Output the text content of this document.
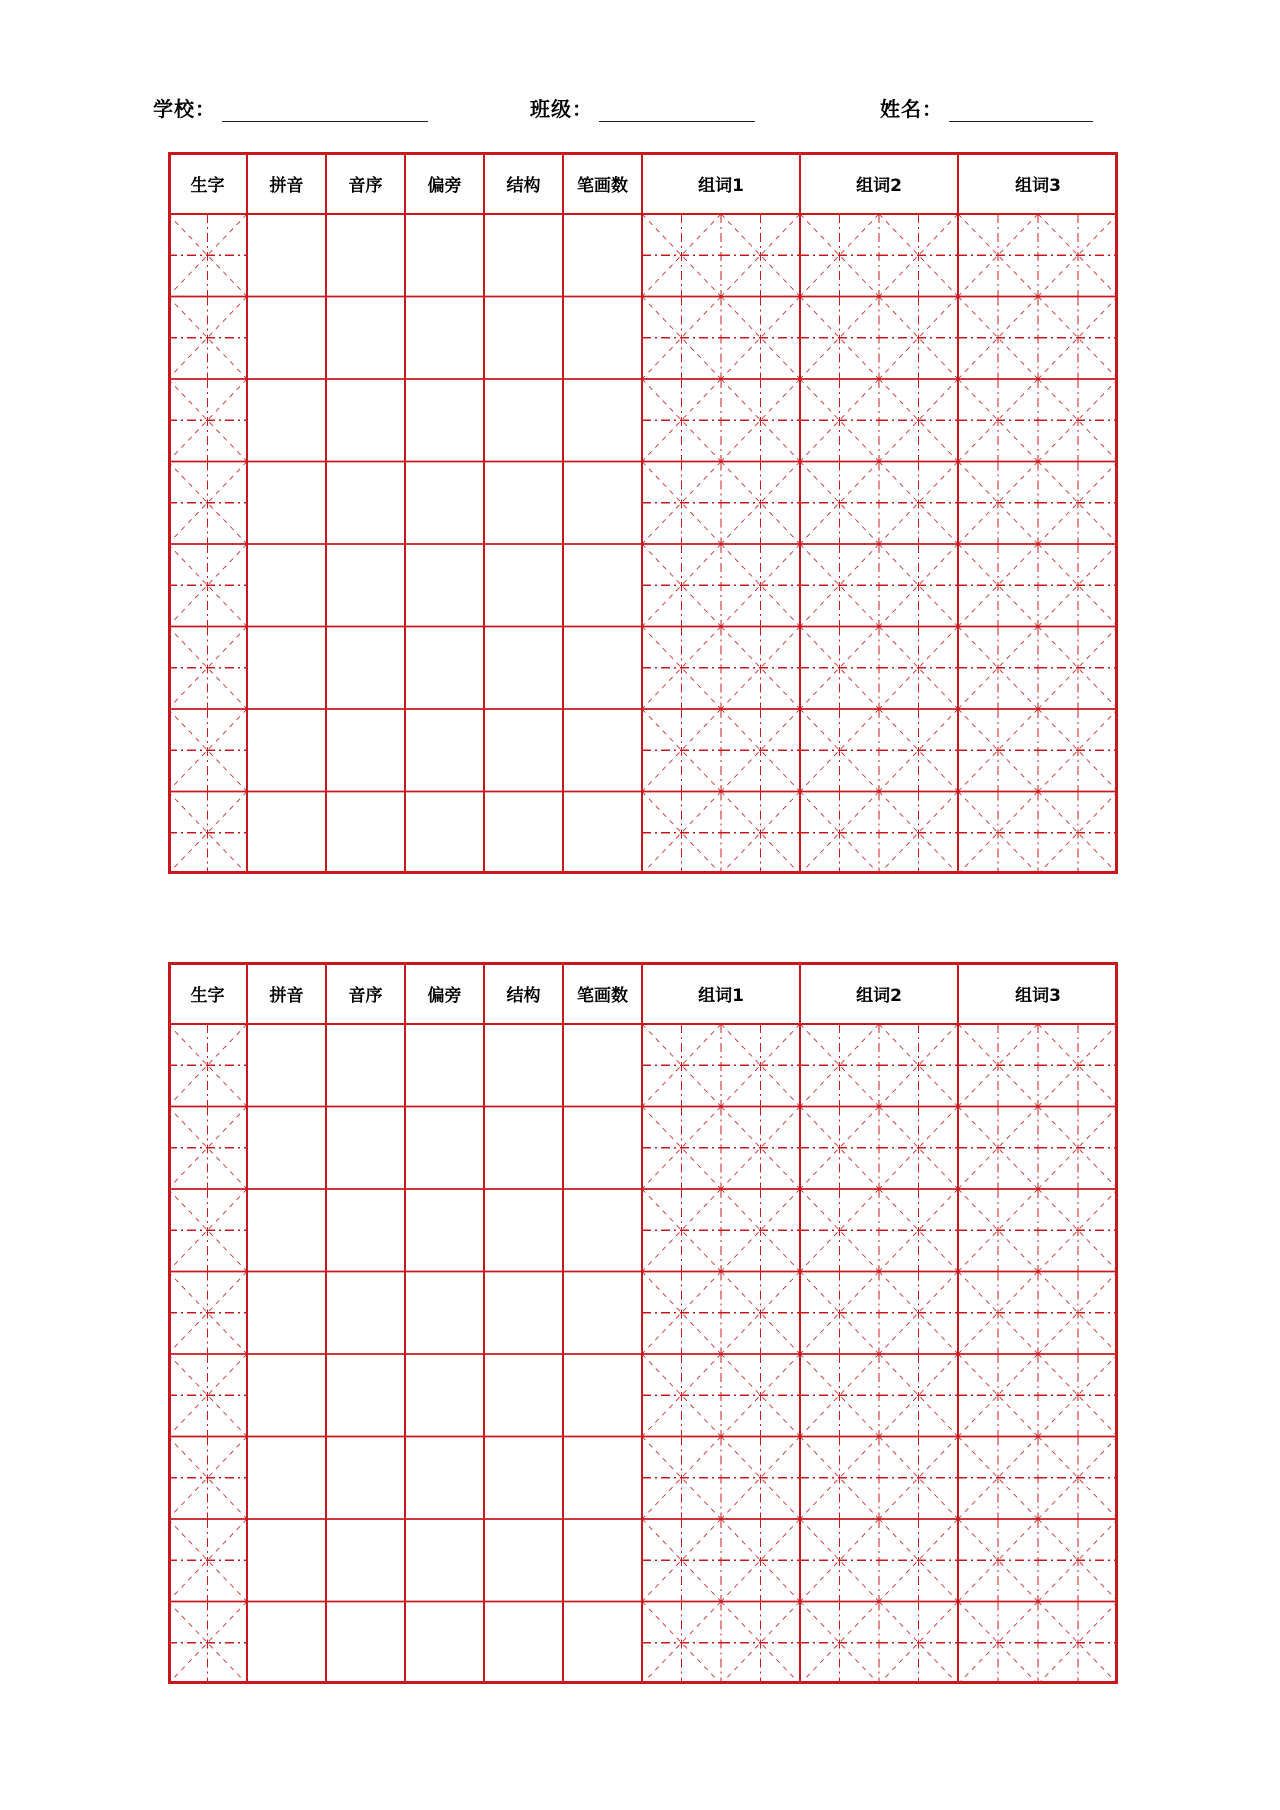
学校：	班级：	姓名：
生字	拼音	音序	偏旁	结构	笔画数	组词1	组词2	组词3
生字	拼音	音序	偏旁	结构	笔画数	组词1	组词2	组词3
